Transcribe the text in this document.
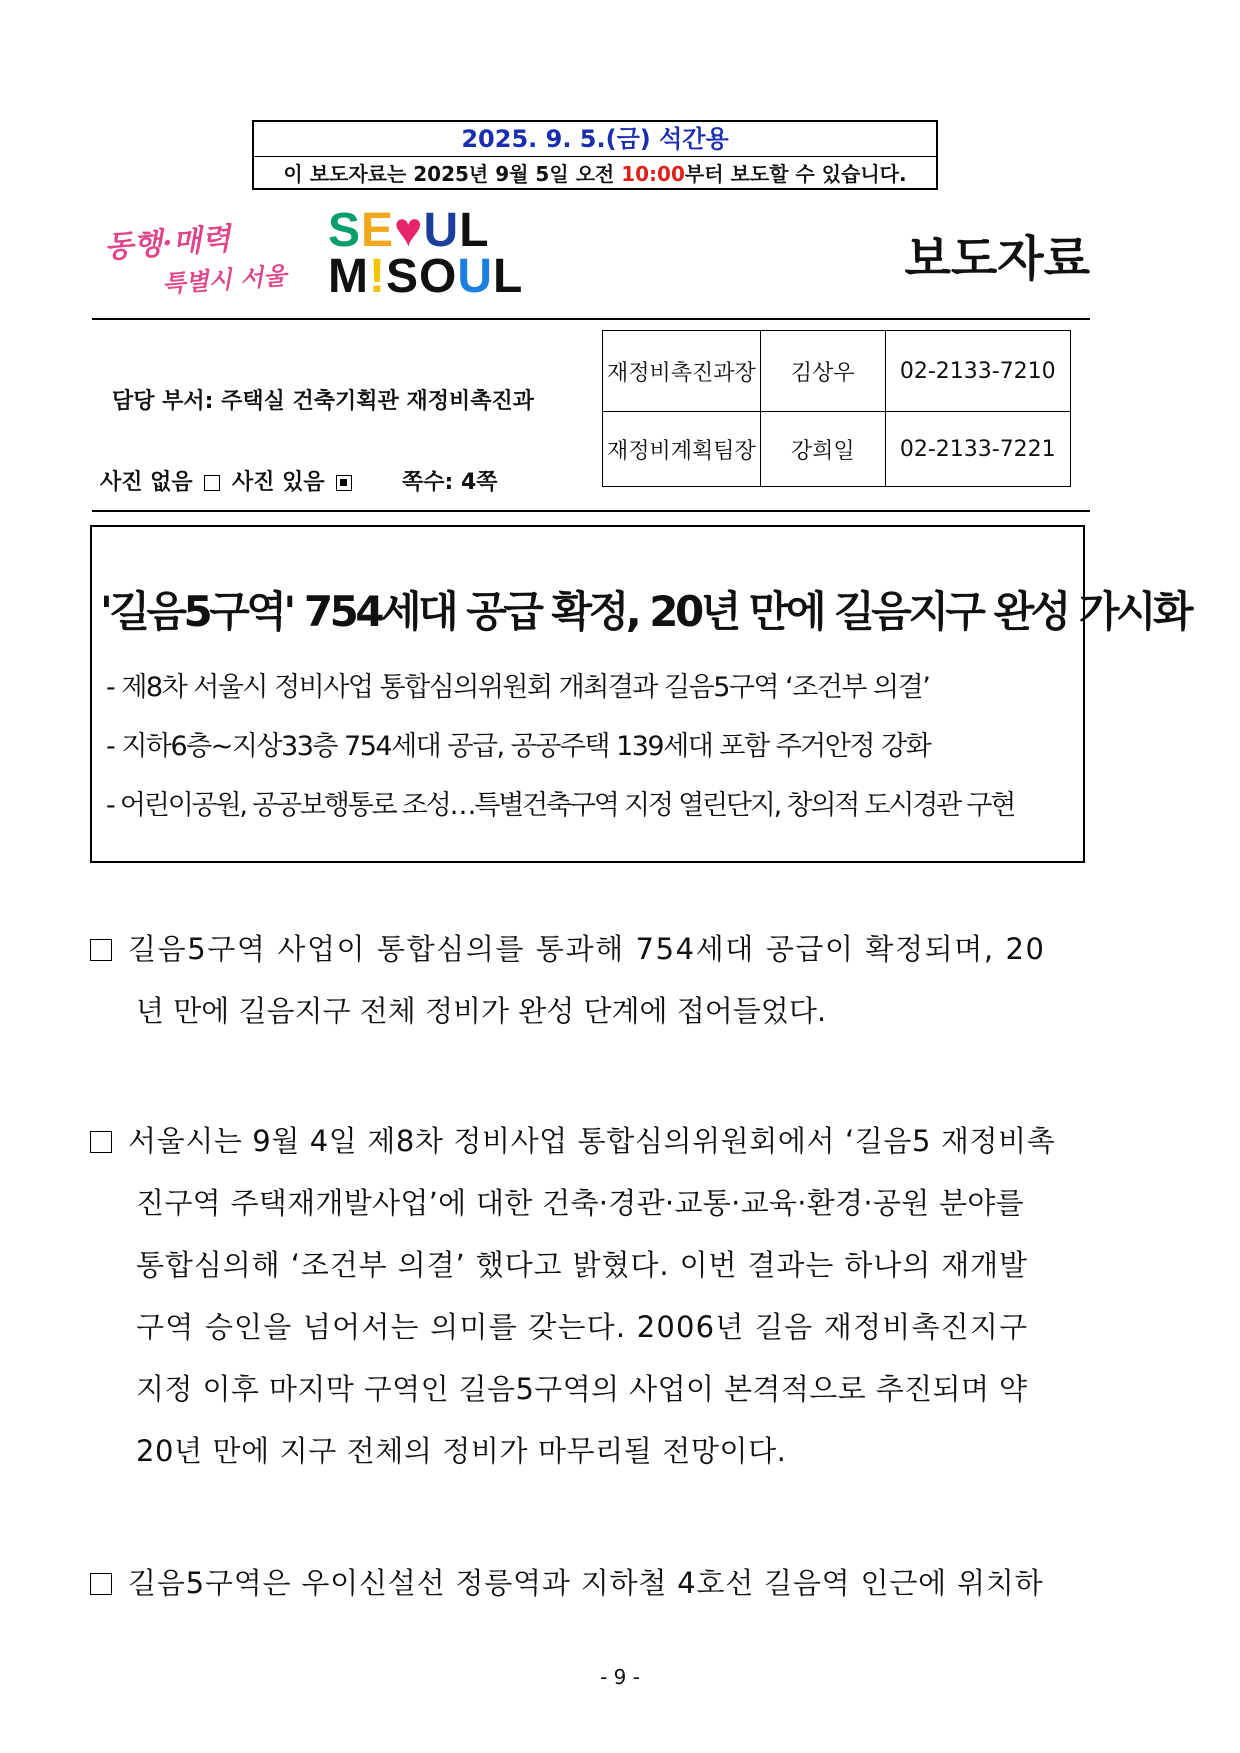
2025. 9. 5.(금) 석간용
이 보도자료는 2025년 9월 5일 오전 10:00부터 보도할 수 있습니다.
동행·매력
특별시 서울
SE♥UL
M!SOUL	보도자료
담당 부서: 주택실 건축기획관 재정비촉진과
사진 없음 사진 있음	쪽수: 4쪽
재정비촉진과장	김상우	02-2133-7210
재정비계획팀장	강희일	02-2133-7221
'길음5구역' 754세대 공급 확정, 20년 만에 길음지구 완성 가시화
- 제8차 서울시 정비사업 통합심의위원회 개최결과 길음5구역 ‘조건부 의결’
- 지하6층~지상33층 754세대 공급, 공공주택 139세대 포함 주거안정 강화
- 어린이공원, 공공보행통로 조성…특별건축구역 지정 열린단지, 창의적 도시경관 구현
길음5구역 사업이 통합심의를 통과해 754세대 공급이 확정되며, 20
년 만에 길음지구 전체 정비가 완성 단계에 접어들었다.
서울시는 9월 4일 제8차 정비사업 통합심의위원회에서 ‘길음5 재정비촉
진구역 주택재개발사업’에 대한 건축·경관·교통·교육·환경·공원 분야를
통합심의해 ‘조건부 의결’ 했다고 밝혔다. 이번 결과는 하나의 재개발
구역 승인을 넘어서는 의미를 갖는다. 2006년 길음 재정비촉진지구
지정 이후 마지막 구역인 길음5구역의 사업이 본격적으로 추진되며 약
20년 만에 지구 전체의 정비가 마무리될 전망이다.
길음5구역은 우이신설선 정릉역과 지하철 4호선 길음역 인근에 위치하
- 9 -
